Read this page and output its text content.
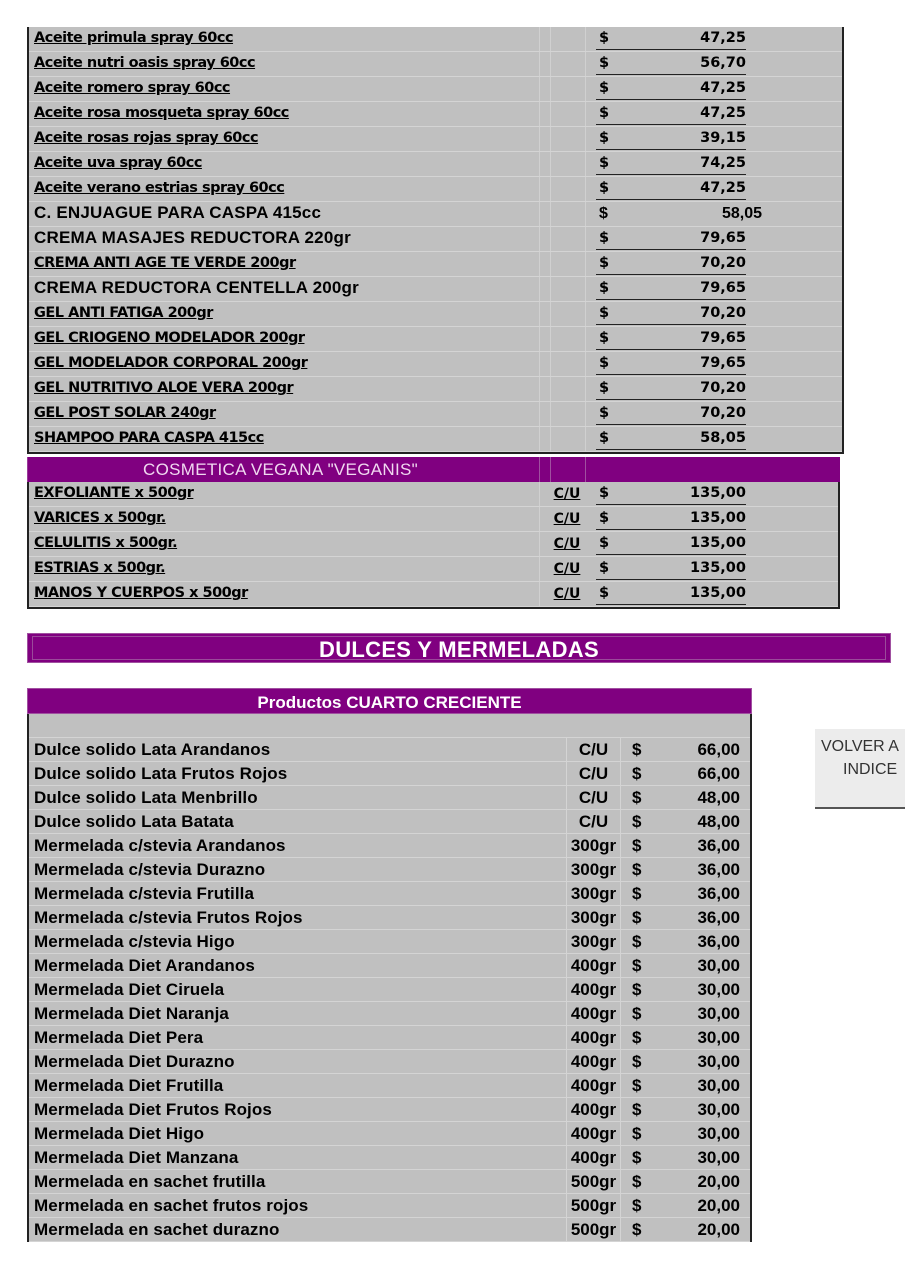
Aceite primula spray 60cc	$	47,25
Aceite nutri oasis spray 60cc	$	56,70
Aceite romero spray 60cc	$	47,25
Aceite rosa mosqueta spray 60cc	$	47,25
Aceite rosas rojas spray 60cc	$	39,15
Aceite uva spray 60cc	$	74,25
Aceite verano estrias spray 60cc	$	47,25
C. ENJUAGUE PARA CASPA 415cc	$	58,05
CREMA MASAJES REDUCTORA 220gr	$	79,65
CREMA ANTI AGE TE VERDE 200gr	$	70,20
CREMA REDUCTORA CENTELLA 200gr	$	79,65
GEL ANTI FATIGA 200gr	$	70,20
GEL CRIOGENO MODELADOR 200gr	$	79,65
GEL MODELADOR CORPORAL 200gr	$	79,65
GEL NUTRITIVO ALOE VERA 200gr	$	70,20
GEL POST SOLAR 240gr	$	70,20
SHAMPOO PARA CASPA 415cc	$	58,05
COSMETICA VEGANA "VEGANIS"
EXFOLIANTE x 500gr	C/U	$	135,00
VARICES x 500gr.	C/U	$	135,00
CELULITIS x 500gr.	C/U	$	135,00
ESTRIAS x 500gr.	C/U	$	135,00
MANOS Y CUERPOS x 500gr	C/U	$	135,00
DULCES Y MERMELADAS
Productos CUARTO CRECIENTE
Dulce solido Lata Arandanos	C/U	$	66,00
Dulce solido Lata Frutos Rojos	C/U	$	66,00
Dulce solido Lata Menbrillo	C/U	$	48,00
Dulce solido Lata Batata	C/U	$	48,00
Mermelada c/stevia Arandanos	300gr $	36,00
Mermelada c/stevia Durazno	300gr $	36,00
Mermelada c/stevia Frutilla	300gr $	36,00
Mermelada c/stevia Frutos Rojos	300gr $	36,00
Mermelada c/stevia Higo	300gr $	36,00
Mermelada Diet Arandanos	400gr $	30,00
Mermelada Diet Ciruela	400gr $	30,00
Mermelada Diet Naranja	400gr $	30,00
Mermelada Diet Pera	400gr $	30,00
Mermelada Diet Durazno	400gr $	30,00
Mermelada Diet Frutilla	400gr $	30,00
Mermelada Diet Frutos Rojos	400gr $	30,00
Mermelada Diet Higo	400gr $	30,00
Mermelada Diet Manzana	400gr $	30,00
Mermelada en sachet frutilla	500gr $	20,00
Mermelada en sachet frutos rojos	500gr $	20,00
Mermelada en sachet durazno	500gr $	20,00
VOLVER A
INDICE
